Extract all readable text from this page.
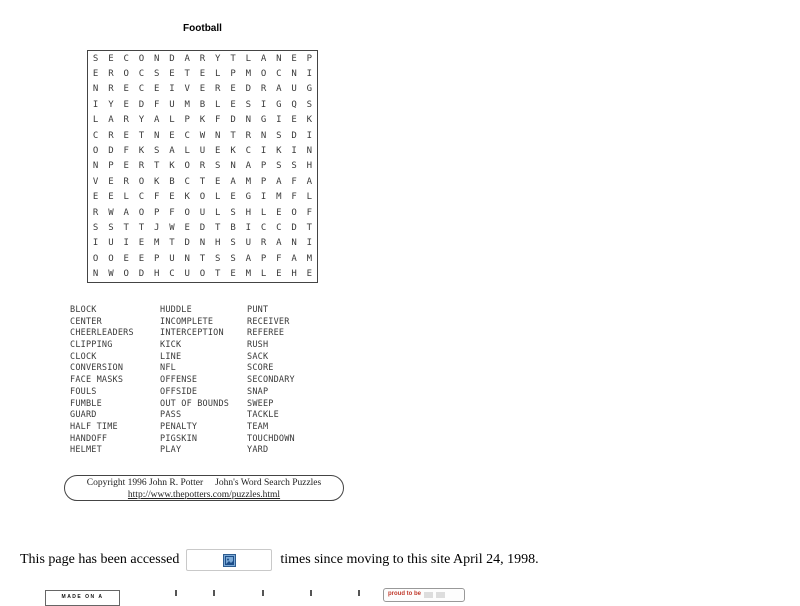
Football
S	E	C	O	N	D	A	R	Y	T	L	A	N	E	P
E	R	O	C	S	E	T	E	L	P	M	O	C	N	I
N	R	E	C	E	I	V	E	R	E	D	R	A	U	G
I	Y	E	D	F	U	M	B	L	E	S	I	G	Q	S
L	A	R	Y	A	L	P	K	F	D	N	G	I	E	K
C	R	E	T	N	E	C	W	N	T	R	N	S	D	I
O	D	F	K	S	A	L	U	E	K	C	I	K	I	N
N	P	E	R	T	K	O	R	S	N	A	P	S	S	H
V	E	R	O	K	B	C	T	E	A	M	P	A	F	A
E	E	L	C	F	E	K	O	L	E	G	I	M	F	L
R	W	A	O	P	F	O	U	L	S	H	L	E	O	F
S	S	T	T	J	W	E	D	T	B	I	C	C	D	T
I	U	I	E	M	T	D	N	H	S	U	R	A	N	I
O	O	E	E	P	U	N	T	S	S	A	P	F	A	M
N	W	O	D	H	C	U	O	T	E	M	L	E	H	E
BLOCK
CENTER
CHEERLEADERS
CLIPPING
CLOCK
CONVERSION
FACE MASKS
FOULS
FUMBLE
GUARD
HALF TIME
HANDOFF
HELMET
HUDDLE
INCOMPLETE
INTERCEPTION
KICK
LINE
NFL
OFFENSE
OFFSIDE
OUT OF BOUNDS
PASS
PENALTY
PIGSKIN
PLAY
PUNT
RECEIVER
REFEREE
RUSH
SACK
SCORE
SECONDARY
SNAP
SWEEP
TACKLE
TEAM
TOUCHDOWN
YARD
Copyright 1996 John R. Potter John's Word Search Puzzles
http://www.thepotters.com/puzzles.html
This page has been accessed	times since moving to this site April 24, 1998.
MADE ON A	proud to be
